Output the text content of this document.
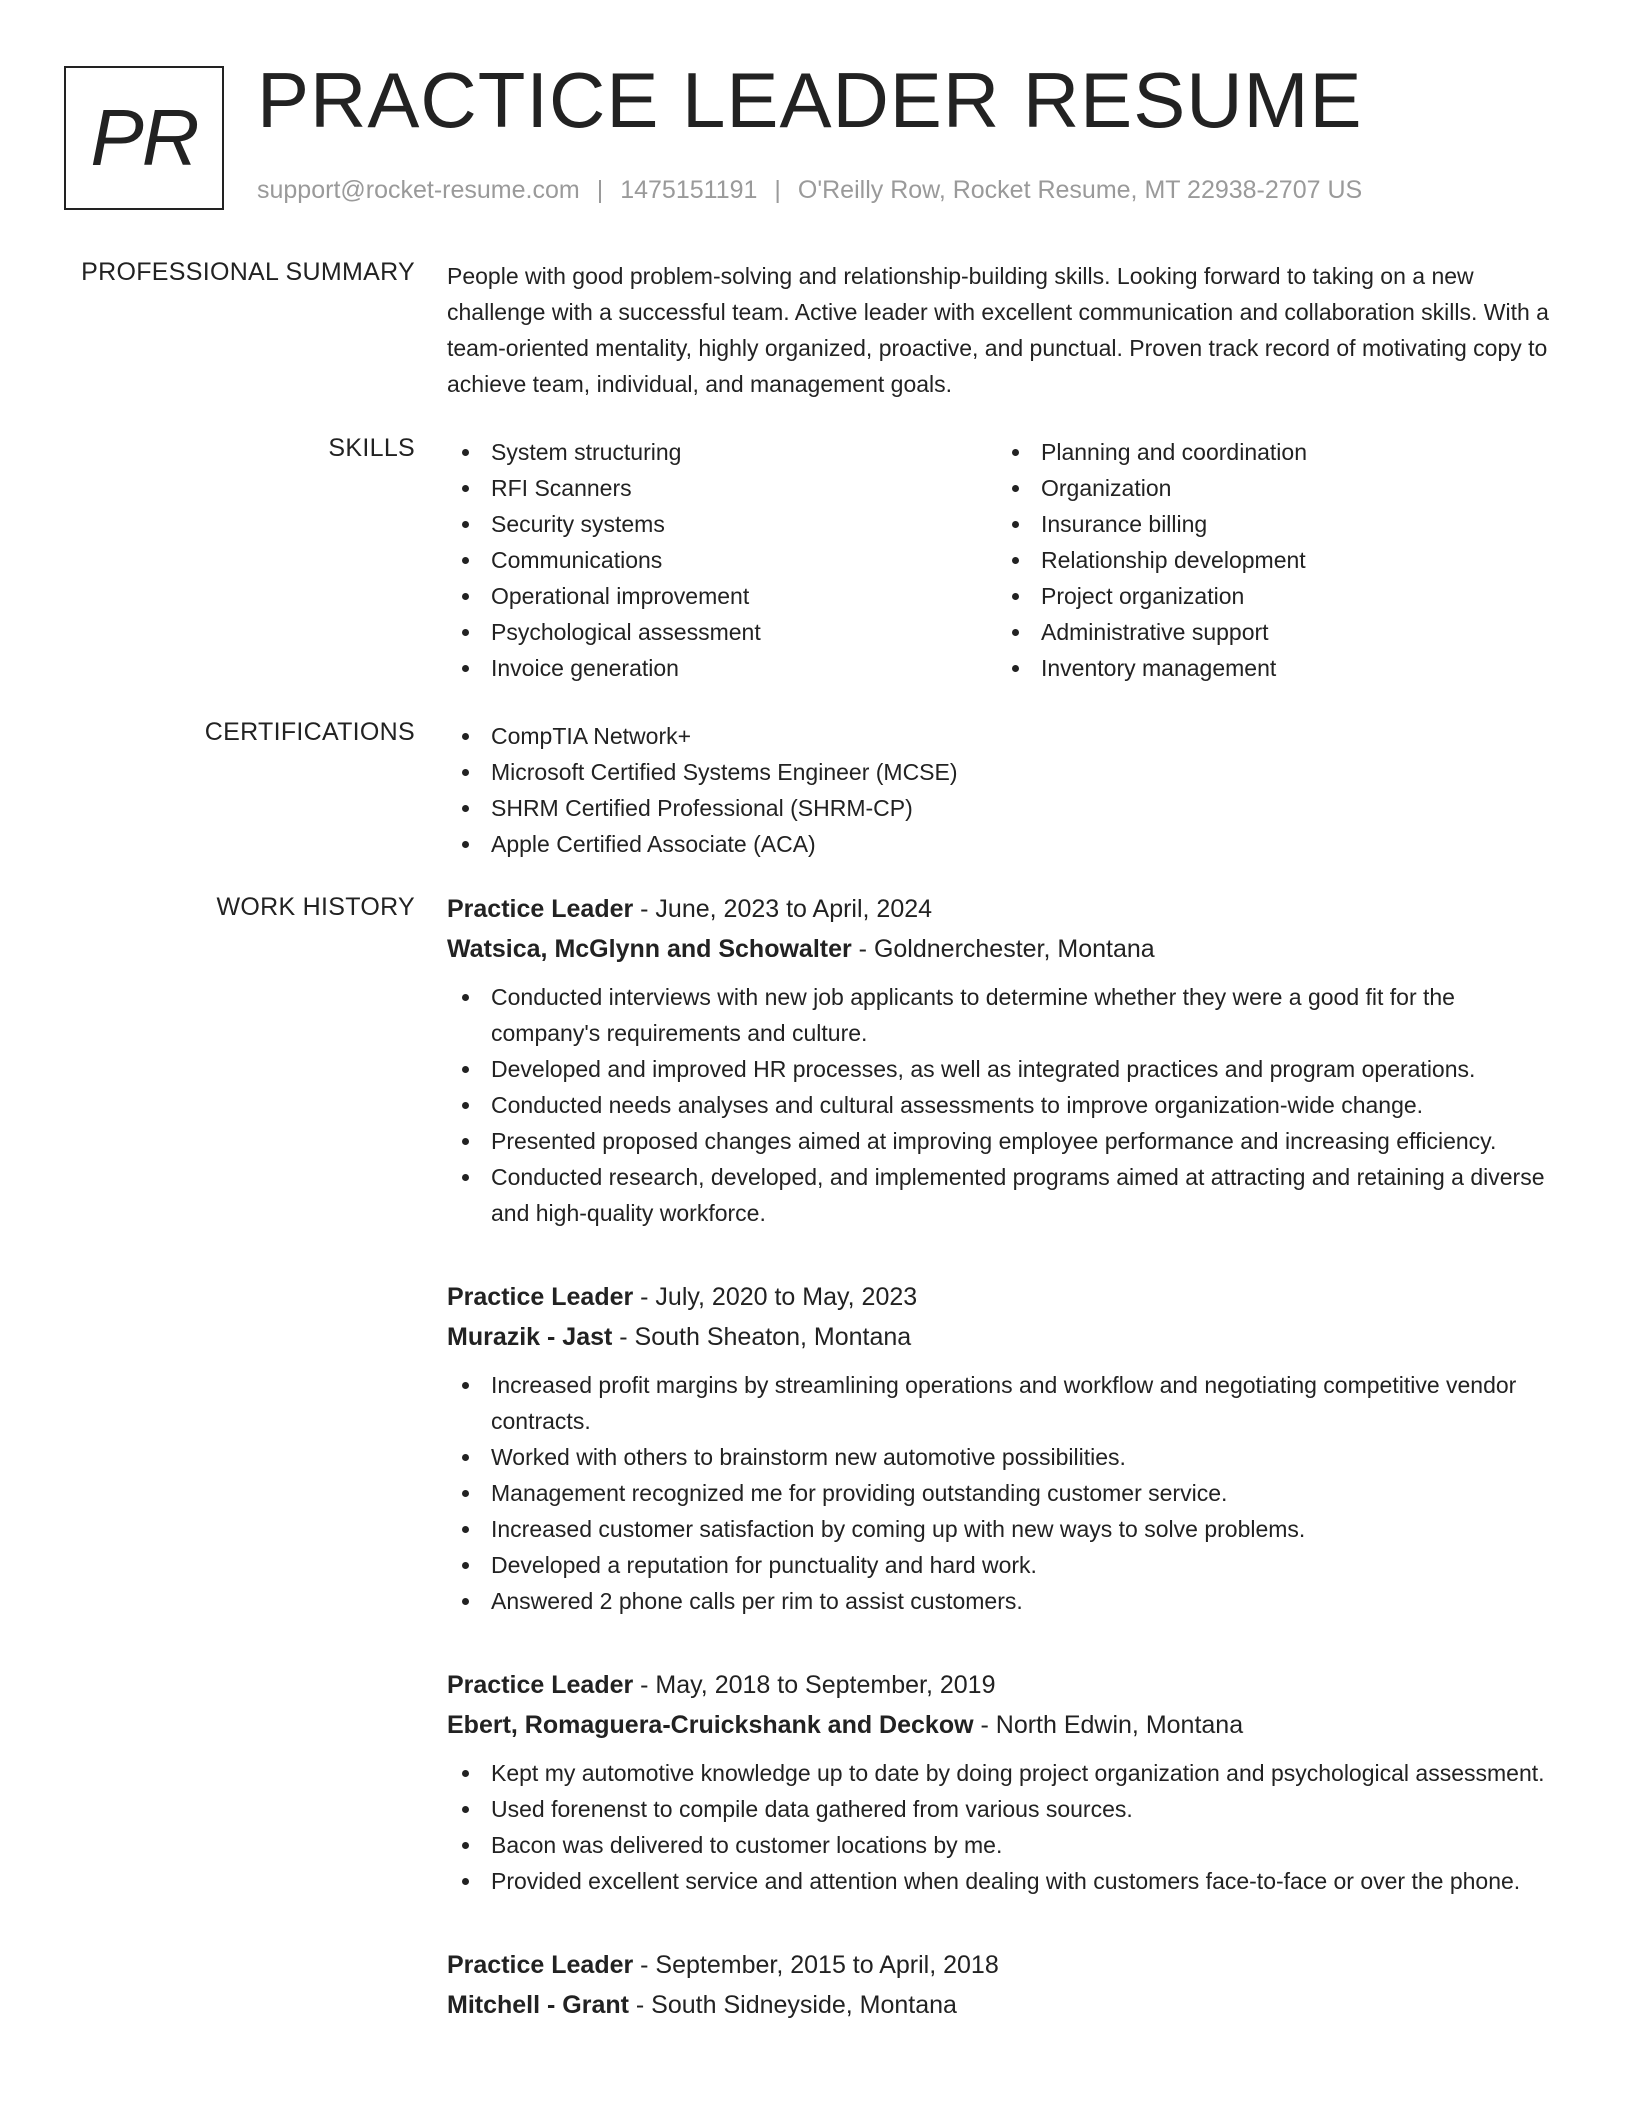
PR PRACTICE LEADER RESUME
support@rocket-resume.com | 1475151191 | O'Reilly Row, Rocket Resume, MT 22938-2707 US
PROFESSIONAL SUMMARY People with good problem-solving and relationship-building skills. Looking forward to taking on a new challenge with a successful team. Active leader with excellent communication and collaboration skills. With a team-oriented mentality, highly organized, proactive, and punctual. Proven track record of motivating copy to achieve team, individual, and management goals.
SKILLS	System structuring
RFI Scanners
Security systems
Communications
Operational improvement
Psychological assessment
Invoice generation
Planning and coordination
Organization
Insurance billing
Relationship development
Project organization
Administrative support
Inventory management
CERTIFICATIONS	CompTIA Network+
Microsoft Certified Systems Engineer (MCSE)
SHRM Certified Professional (SHRM-CP)
Apple Certified Associate (ACA)
WORK HISTORY Practice Leader - June, 2023 to April, 2024
Watsica, McGlynn and Schowalter - Goldnerchester, Montana
Conducted interviews with new job applicants to determine whether they were a good fit for the company's requirements and culture.
Developed and improved HR processes, as well as integrated practices and program operations.
Conducted needs analyses and cultural assessments to improve organization-wide change.
Presented proposed changes aimed at improving employee performance and increasing efficiency.
Conducted research, developed, and implemented programs aimed at attracting and retaining a diverse and high-quality workforce.
Practice Leader - July, 2020 to May, 2023
Murazik - Jast - South Sheaton, Montana
Increased profit margins by streamlining operations and workflow and negotiating competitive vendor contracts.
Worked with others to brainstorm new automotive possibilities.
Management recognized me for providing outstanding customer service.
Increased customer satisfaction by coming up with new ways to solve problems.
Developed a reputation for punctuality and hard work.
Answered 2 phone calls per rim to assist customers.
Practice Leader - May, 2018 to September, 2019
Ebert, Romaguera-Cruickshank and Deckow - North Edwin, Montana
Kept my automotive knowledge up to date by doing project organization and psychological assessment.
Used forenenst to compile data gathered from various sources.
Bacon was delivered to customer locations by me.
Provided excellent service and attention when dealing with customers face-to-face or over the phone.
Practice Leader - September, 2015 to April, 2018
Mitchell - Grant - South Sidneyside, Montana
